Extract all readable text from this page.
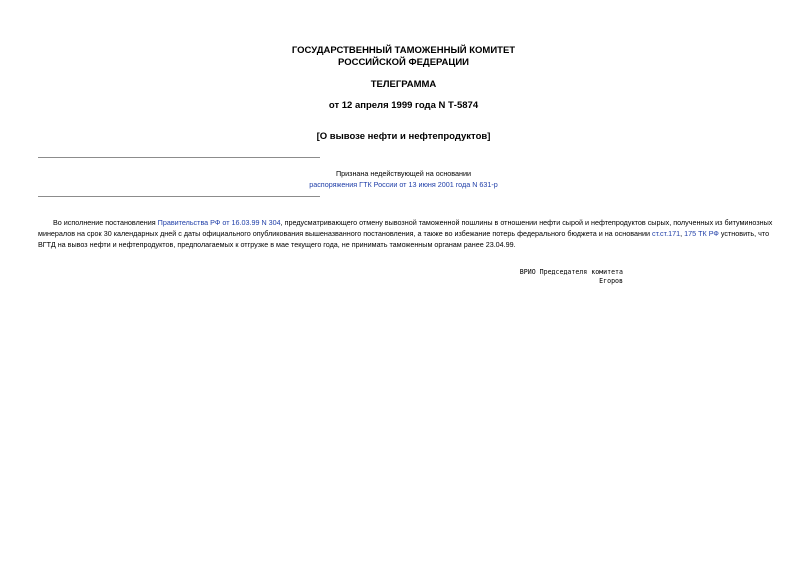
ГОСУДАРСТВЕННЫЙ ТАМОЖЕННЫЙ КОМИТЕТ
РОССИЙСКОЙ ФЕДЕРАЦИИ
ТЕЛЕГРАММА
от 12 апреля 1999 года N Т-5874
[О вывозе нефти и нефтепродуктов]
Признана недействующей на основании
распоряжения ГТК России от 13 июня 2001 года N 631-р
Во исполнение постановления Правительства РФ от 16.03.99 N 304, предусматривающего отмену вывозной таможенной пошлины в отношении нефти сырой и нефтепродуктов сырых, полученных из битуминозных минералов на срок 30 календарных дней с даты официального опубликования вышеназванного постановления, а также во избежание потерь федерального бюджета и на основании ст.ст.171, 175 ТК РФ устновить, что ВГТД на вывоз нефти и нефтепродуктов, предполагаемых к отгрузке в мае текущего года, не принимать таможенным органам ранее 23.04.99.
ВРИО Председателя комитета
Егоров
